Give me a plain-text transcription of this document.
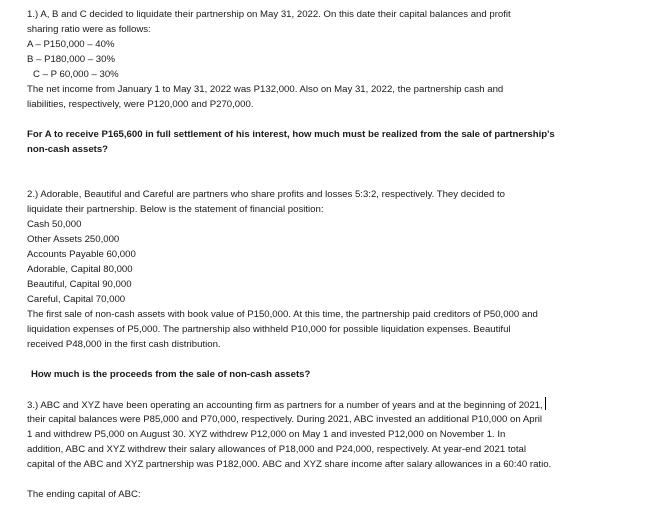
1.) A, B and C decided to liquidate their partnership on May 31, 2022. On this date their capital balances and profit
sharing ratio were as follows:
A – P150,000 – 40%
B – P180,000 – 30%
C – P 60,000 – 30%
The net income from January 1 to May 31, 2022 was P132,000. Also on May 31, 2022, the partnership cash and
liabilities, respectively, were P120,000 and P270,000.
For A to receive P165,600 in full settlement of his interest, how much must be realized from the sale of partnership's
non-cash assets?
2.) Adorable, Beautiful and Careful are partners who share profits and losses 5:3:2, respectively. They decided to
liquidate their partnership. Below is the statement of financial position:
Cash 50,000
Other Assets 250,000
Accounts Payable 60,000
Adorable, Capital 80,000
Beautiful, Capital 90,000
Careful, Capital 70,000
The first sale of non-cash assets with book value of P150,000. At this time, the partnership paid creditors of P50,000 and
liquidation expenses of P5,000. The partnership also withheld P10,000 for possible liquidation expenses. Beautiful
received P48,000 in the first cash distribution.
How much is the proceeds from the sale of non-cash assets?
3.) ABC and XYZ have been operating an accounting firm as partners for a number of years and at the beginning of 2021,
their capital balances were P85,000 and P70,000, respectively. During 2021, ABC invested an additional P10,000 on April
1 and withdrew P5,000 on August 30. XYZ withdrew P12,000 on May 1 and invested P12,000 on November 1. In
addition, ABC and XYZ withdrew their salary allowances of P18,000 and P24,000, respectively. At year-end 2021 total
capital of the ABC and XYZ partnership was P182,000. ABC and XYZ share income after salary allowances in a 60:40 ratio.
The ending capital of ABC:
